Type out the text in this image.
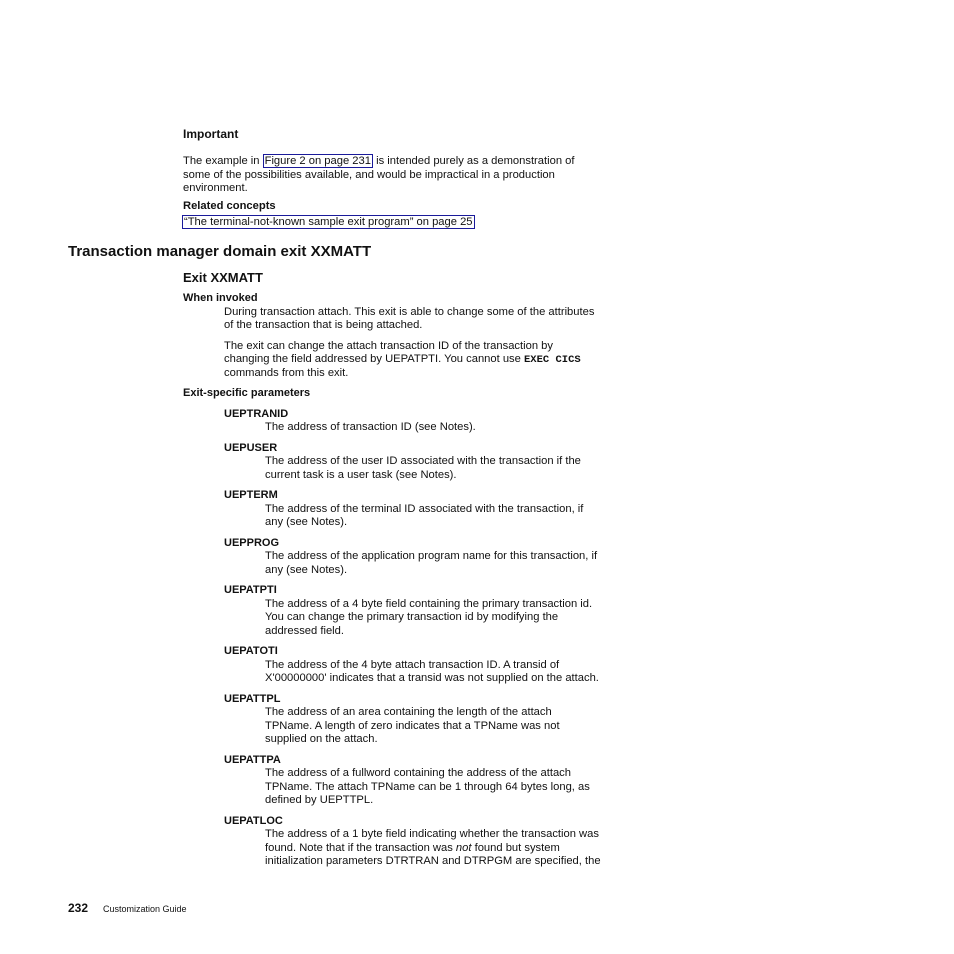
Important
The example in Figure 2 on page 231 is intended purely as a demonstration of
some of the possibilities available, and would be impractical in a production
environment.
Related concepts
“The terminal-not-known sample exit program” on page 25
Transaction manager domain exit XXMATT
Exit XXMATT
When invoked
During transaction attach. This exit is able to change some of the attributes
of the transaction that is being attached.
The exit can change the attach transaction ID of the transaction by
changing the field addressed by UEPATPTI. You cannot use EXEC CICS
commands from this exit.
Exit-specific parameters
UEPTRANID
The address of transaction ID (see Notes).
UEPUSER
The address of the user ID associated with the transaction if the
current task is a user task (see Notes).
UEPTERM
The address of the terminal ID associated with the transaction, if
any (see Notes).
UEPPROG
The address of the application program name for this transaction, if
any (see Notes).
UEPATPTI
The address of a 4 byte field containing the primary transaction id.
You can change the primary transaction id by modifying the
addressed field.
UEPATOTI
The address of the 4 byte attach transaction ID. A transid of
X'00000000' indicates that a transid was not supplied on the attach.
UEPATTPL
The address of an area containing the length of the attach
TPName. A length of zero indicates that a TPName was not
supplied on the attach.
UEPATTPA
The address of a fullword containing the address of the attach
TPName. The attach TPName can be 1 through 64 bytes long, as
defined by UEPTTPL.
UEPATLOC
The address of a 1 byte field indicating whether the transaction was
found. Note that if the transaction was not found but system
initialization parameters DTRTRAN and DTRPGM are specified, the
232 Customization Guide
